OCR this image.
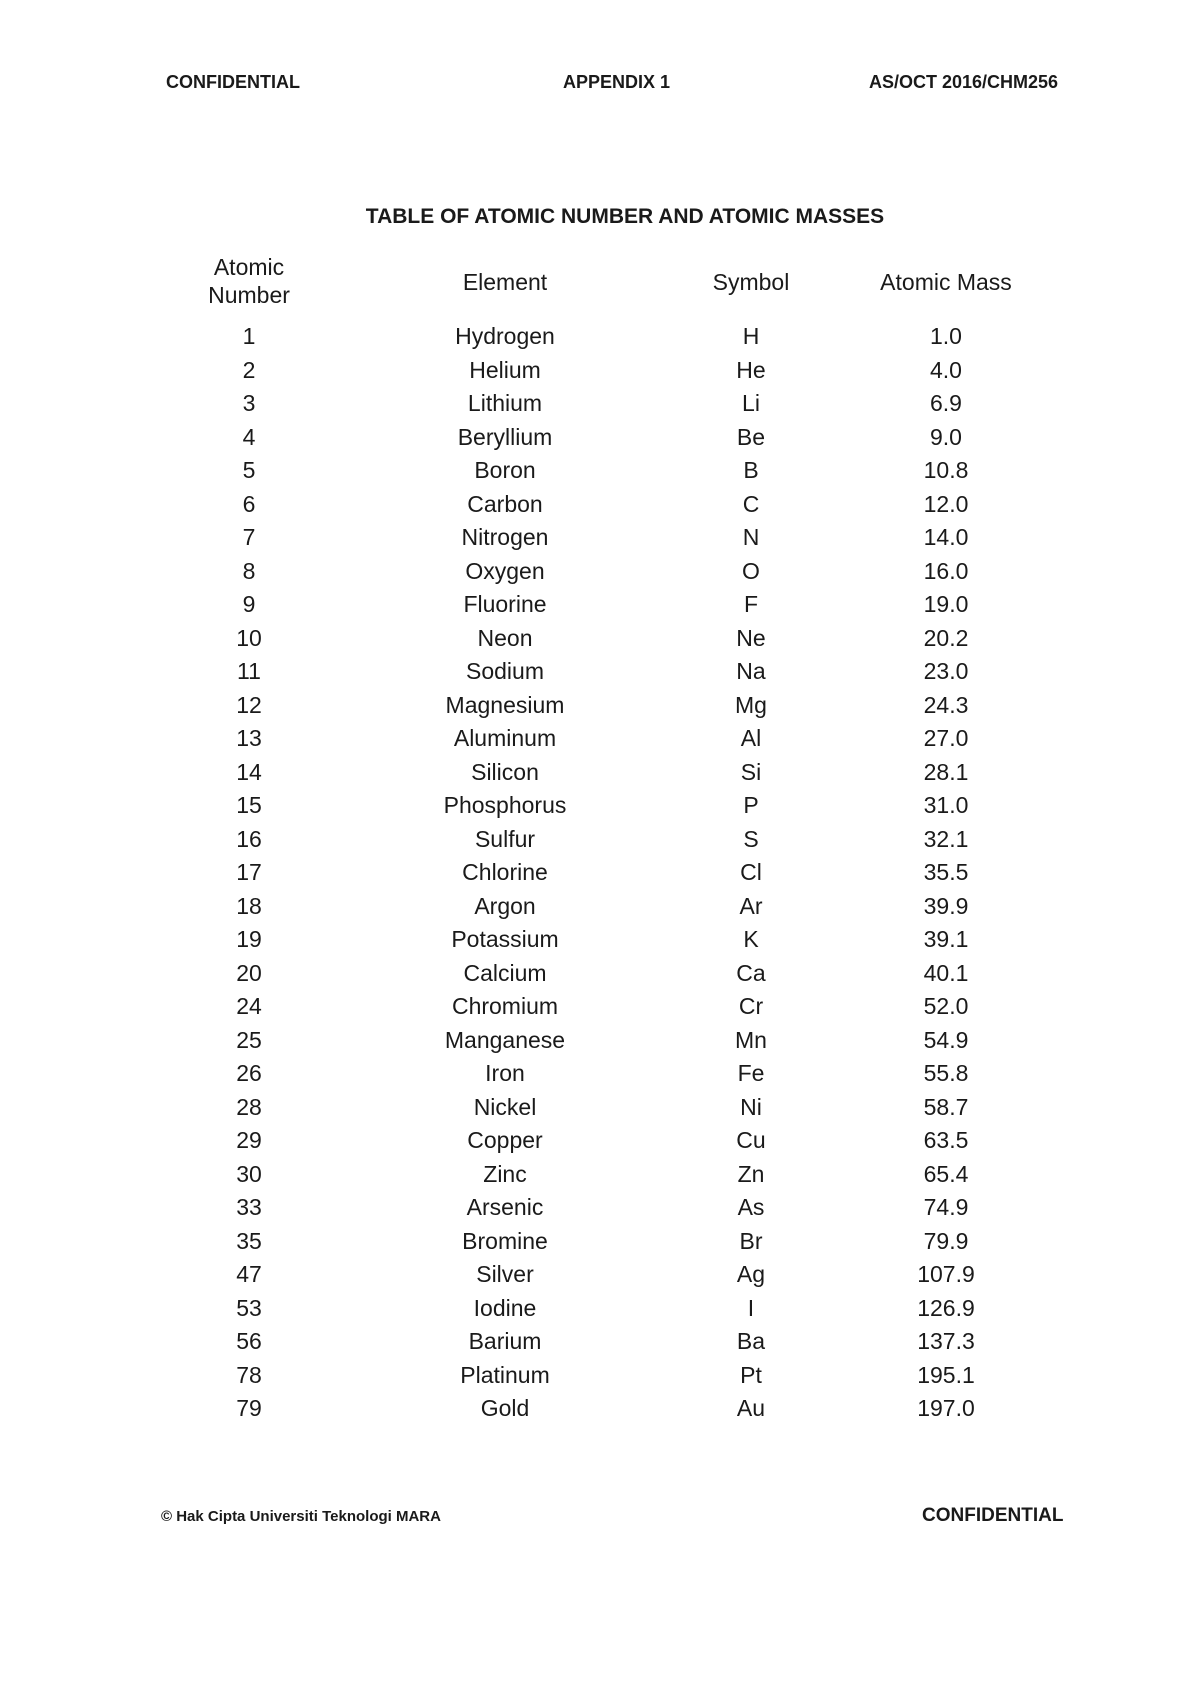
CONFIDENTIAL	APPENDIX 1	AS/OCT 2016/CHM256
TABLE OF ATOMIC NUMBER AND ATOMIC MASSES
Atomic
Number	Element	Symbol	Atomic Mass
1	Hydrogen	H	1.0
2	Helium	He	4.0
3	Lithium	Li	6.9
4	Beryllium	Be	9.0
5	Boron	B	10.8
6	Carbon	C	12.0
7	Nitrogen	N	14.0
8	Oxygen	O	16.0
9	Fluorine	F	19.0
10	Neon	Ne	20.2
11	Sodium	Na	23.0
12	Magnesium	Mg	24.3
13	Aluminum	Al	27.0
14	Silicon	Si	28.1
15	Phosphorus	P	31.0
16	Sulfur	S	32.1
17	Chlorine	Cl	35.5
18	Argon	Ar	39.9
19	Potassium	K	39.1
20	Calcium	Ca	40.1
24	Chromium	Cr	52.0
25	Manganese	Mn	54.9
26	Iron	Fe	55.8
28	Nickel	Ni	58.7
29	Copper	Cu	63.5
30	Zinc	Zn	65.4
33	Arsenic	As	74.9
35	Bromine	Br	79.9
47	Silver	Ag	107.9
53	Iodine	I	126.9
56	Barium	Ba	137.3
78	Platinum	Pt	195.1
79	Gold	Au	197.0
© Hak Cipta Universiti Teknologi MARA	CONFIDENTIAL
